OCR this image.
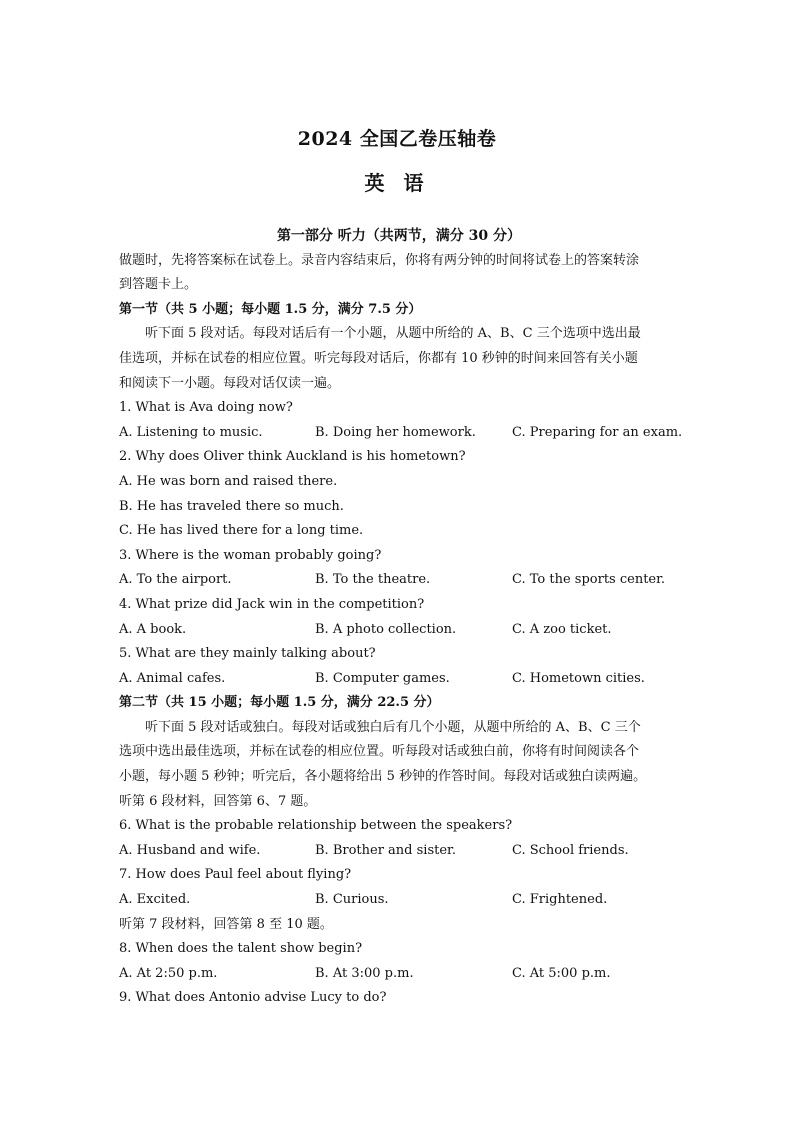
2024 全国乙卷压轴卷
英 语
第一部分 听力（共两节，满分 30 分）
做题时，先将答案标在试卷上。录音内容结束后，你将有两分钟的时间将试卷上的答案转涂
到答题卡上。
第一节（共 5 小题；每小题 1.5 分，满分 7.5 分）
听下面 5 段对话。每段对话后有一个小题，从题中所给的 A、B、C 三个选项中选出最
佳选项，并标在试卷的相应位置。听完每段对话后，你都有 10 秒钟的时间来回答有关小题
和阅读下一小题。每段对话仅读一遍。
1. What is Ava doing now?
A. Listening to music.	B. Doing her homework.	C. Preparing for an exam.
2. Why does Oliver think Auckland is his hometown?
A. He was born and raised there.
B. He has traveled there so much.
C. He has lived there for a long time.
3. Where is the woman probably going?
A. To the airport.	B. To the theatre.	C. To the sports center.
4. What prize did Jack win in the competition?
A. A book.	B. A photo collection.	C. A zoo ticket.
5. What are they mainly talking about?
A. Animal cafes.	B. Computer games.	C. Hometown cities.
第二节（共 15 小题；每小题 1.5 分，满分 22.5 分）
听下面 5 段对话或独白。每段对话或独白后有几个小题，从题中所给的 A、B、C 三个
选项中选出最佳选项，并标在试卷的相应位置。听每段对话或独白前，你将有时间阅读各个
小题，每小题 5 秒钟；听完后，各小题将给出 5 秒钟的作答时间。每段对话或独白读两遍。
听第 6 段材料，回答第 6、7 题。
6. What is the probable relationship between the speakers?
A. Husband and wife.	B. Brother and sister.	C. School friends.
7. How does Paul feel about flying?
A. Excited.	B. Curious.	C. Frightened.
听第 7 段材料，回答第 8 至 10 题。
8. When does the talent show begin?
A. At 2:50 p.m.	B. At 3:00 p.m.	C. At 5:00 p.m.
9. What does Antonio advise Lucy to do?
